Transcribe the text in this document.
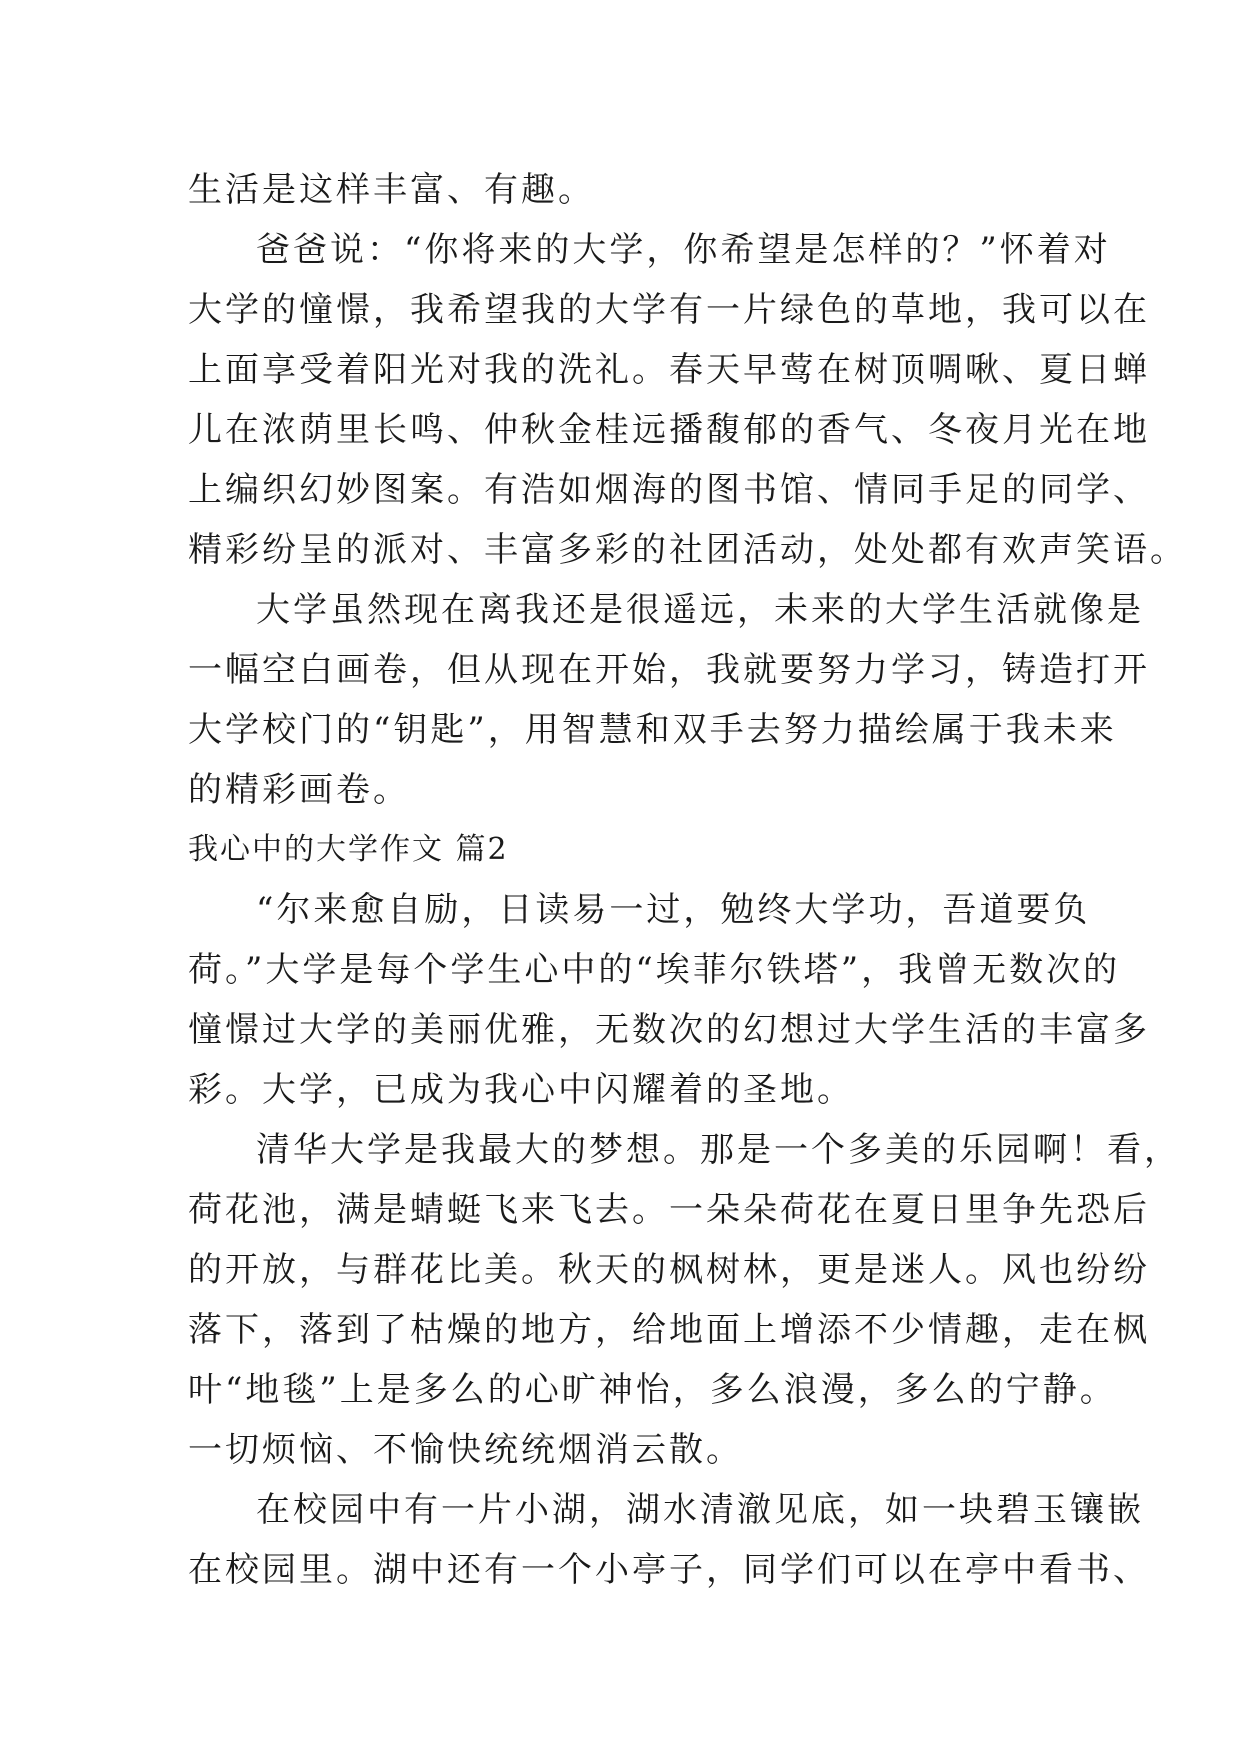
生活是这样丰富、有趣。

爸爸说：“你将来的大学，你希望是怎样的？”怀着对

大学的憧憬，我希望我的大学有一片绿色的草地，我可以在

上面享受着阳光对我的洗礼。春天早莺在树顶啁啾、夏日蝉

儿在浓荫里长鸣、仲秋金桂远播馥郁的香气、冬夜月光在地

上编织幻妙图案。有浩如烟海的图书馆、情同手足的同学、

精彩纷呈的派对、丰富多彩的社团活动，处处都有欢声笑语。

大学虽然现在离我还是很遥远，未来的大学生活就像是

一幅空白画卷，但从现在开始，我就要努力学习，铸造打开

大学校门的“钥匙”，用智慧和双手去努力描绘属于我未来

的精彩画卷。

我心中的大学作文 篇2

“尔来愈自励，日读易一过，勉终大学功，吾道要负

荷。”大学是每个学生心中的“埃菲尔铁塔”，我曾无数次的

憧憬过大学的美丽优雅，无数次的幻想过大学生活的丰富多

彩。大学，已成为我心中闪耀着的圣地。

清华大学是我最大的梦想。那是一个多美的乐园啊！看，

荷花池，满是蜻蜓飞来飞去。一朵朵荷花在夏日里争先恐后

的开放，与群花比美。秋天的枫树林，更是迷人。风也纷纷

落下，落到了枯燥的地方，给地面上增添不少情趣，走在枫

叶“地毯”上是多么的心旷神怡，多么浪漫，多么的宁静。

一切烦恼、不愉快统统烟消云散。

在校园中有一片小湖，湖水清澈见底，如一块碧玉镶嵌

在校园里。湖中还有一个小亭子，同学们可以在亭中看书、
